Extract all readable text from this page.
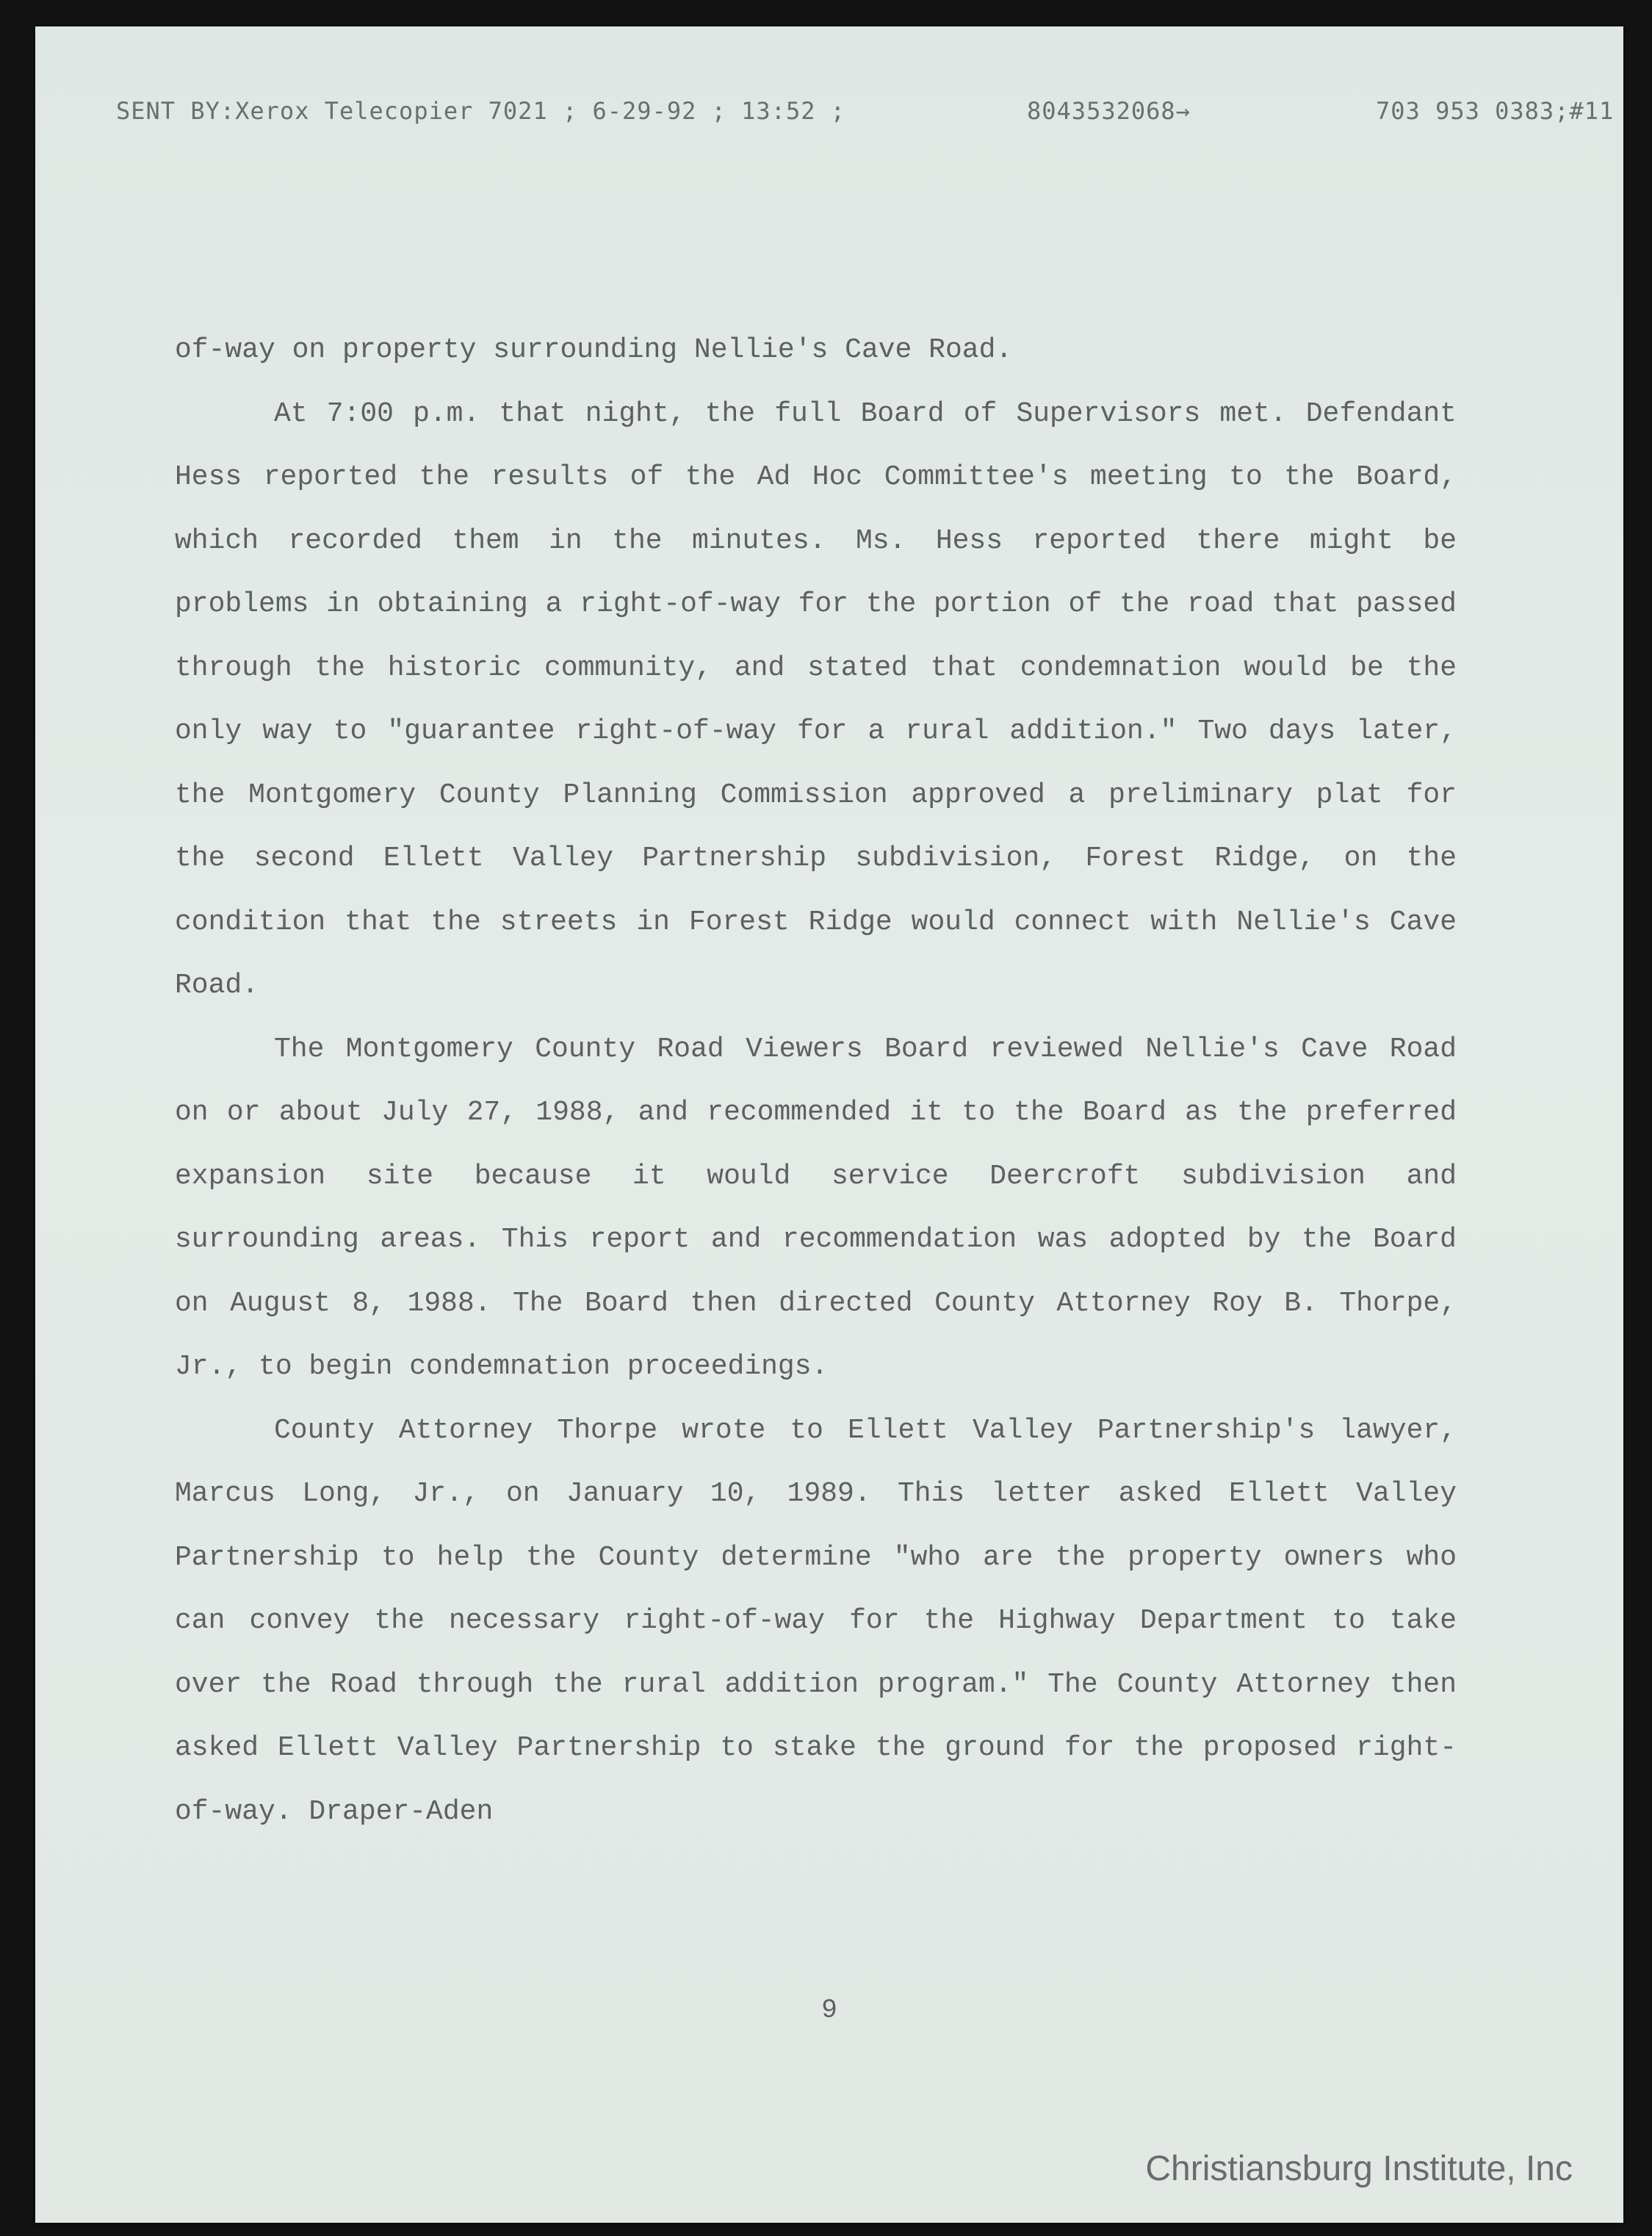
SENT BY:Xerox Telecopier 7021 ; 6-29-92 ; 13:52 ;	8043532068→	703 953 0383;#11

of-way on property surrounding Nellie's Cave Road.

At 7:00 p.m. that night, the full Board of Supervisors met. Defendant Hess reported the results of the Ad Hoc Committee's meeting to the Board, which recorded them in the minutes. Ms. Hess reported there might be problems in obtaining a right-of-way for the portion of the road that passed through the historic community, and stated that condemnation would be the only way to "guarantee right-of-way for a rural addition." Two days later, the Montgomery County Planning Commission approved a preliminary plat for the second Ellett Valley Partnership subdivision, Forest Ridge, on the condition that the streets in Forest Ridge would connect with Nellie's Cave Road.

The Montgomery County Road Viewers Board reviewed Nellie's Cave Road on or about July 27, 1988, and recommended it to the Board as the preferred expansion site because it would service Deercroft subdivision and surrounding areas. This report and recommendation was adopted by the Board on August 8, 1988. The Board then directed County Attorney Roy B. Thorpe, Jr., to begin condemnation proceedings.

County Attorney Thorpe wrote to Ellett Valley Partnership's lawyer, Marcus Long, Jr., on January 10, 1989. This letter asked Ellett Valley Partnership to help the County determine "who are the property owners who can convey the necessary right-of-way for the Highway Department to take over the Road through the rural addition program." The County Attorney then asked Ellett Valley Partnership to stake the ground for the proposed right-of-way. Draper-Aden

9
Christiansburg Institute, Inc
